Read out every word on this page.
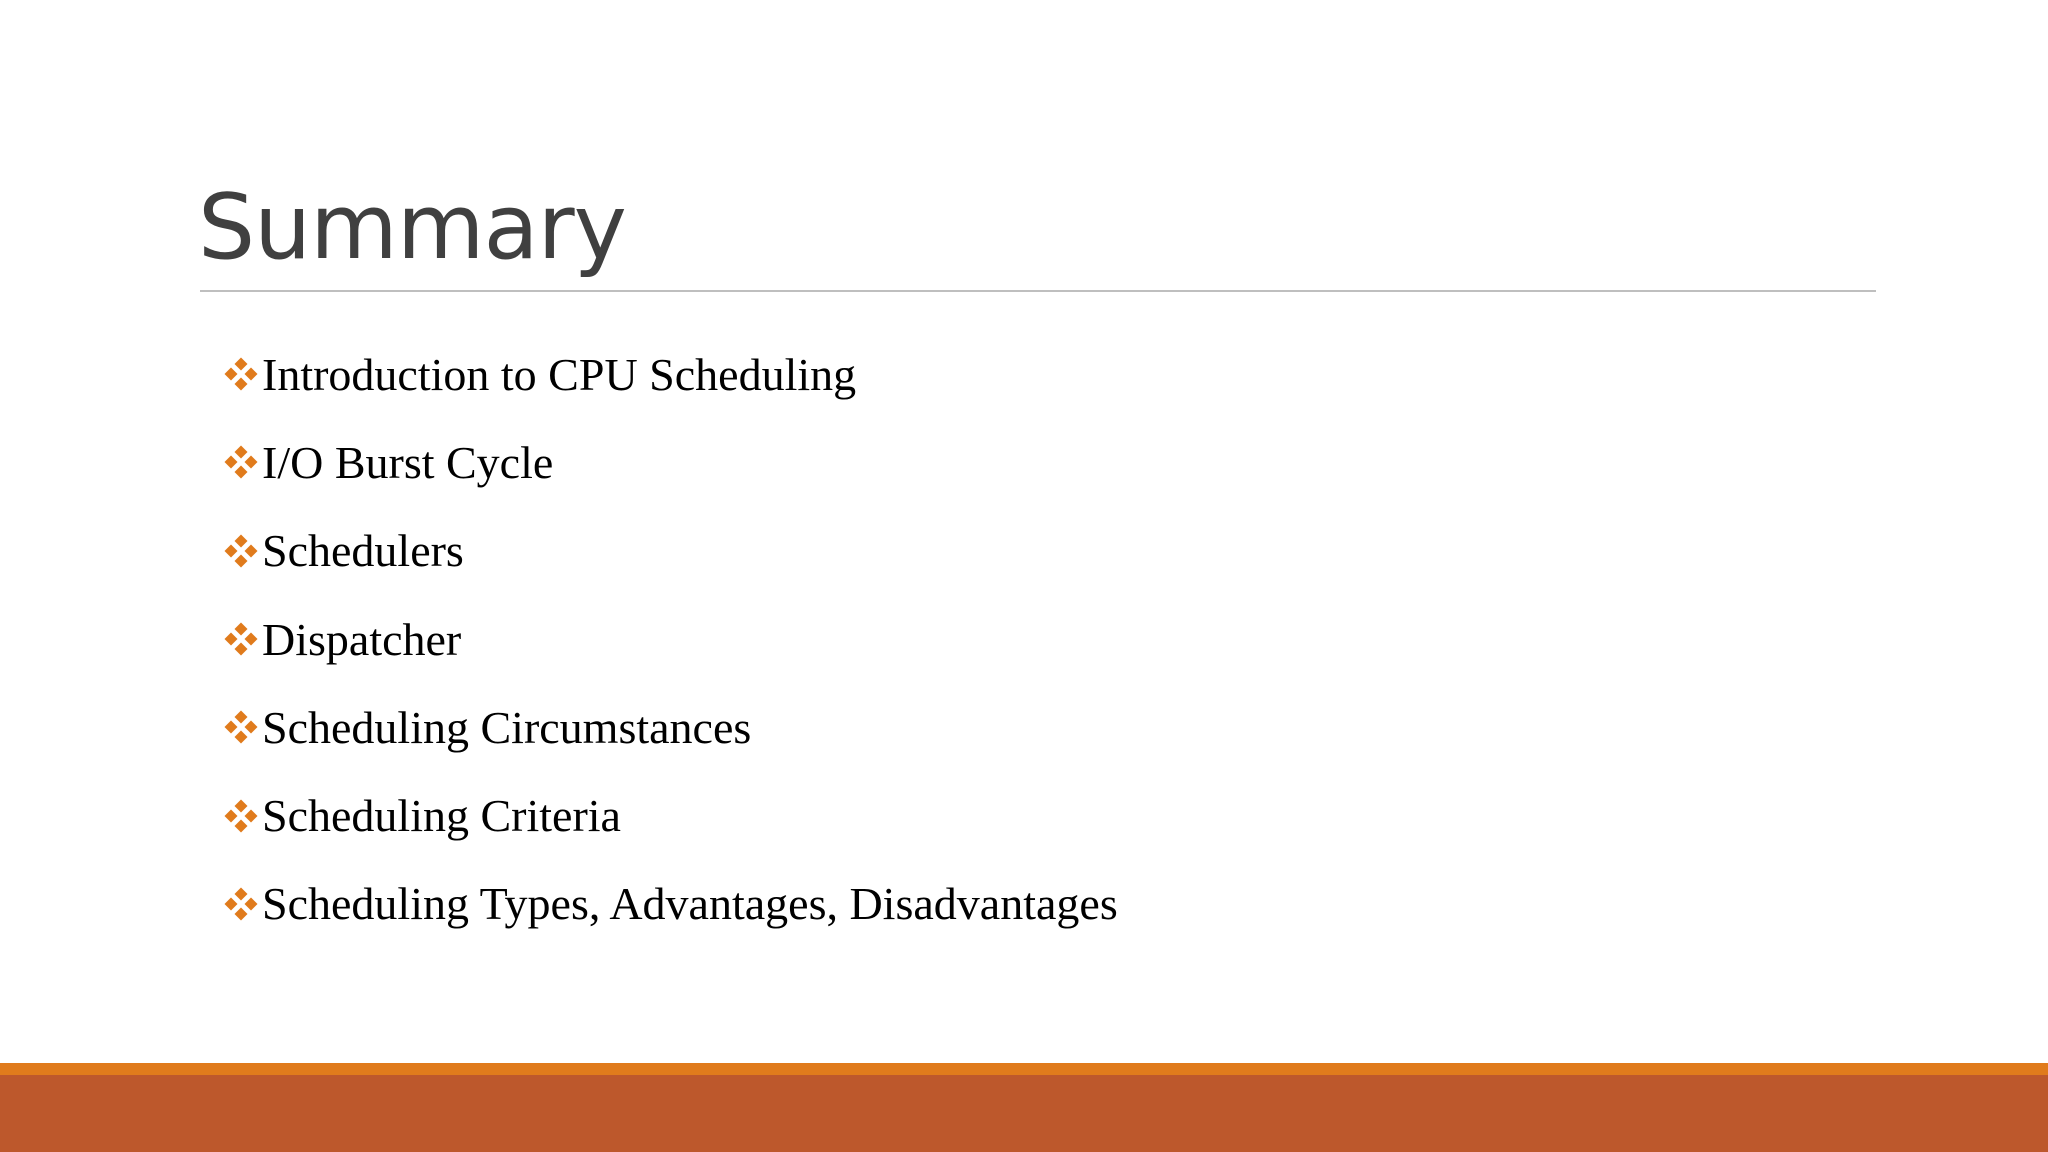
Summary
Introduction to CPU Scheduling
I/O Burst Cycle
Schedulers
Dispatcher
Scheduling Circumstances
Scheduling Criteria
Scheduling Types, Advantages, Disadvantages
